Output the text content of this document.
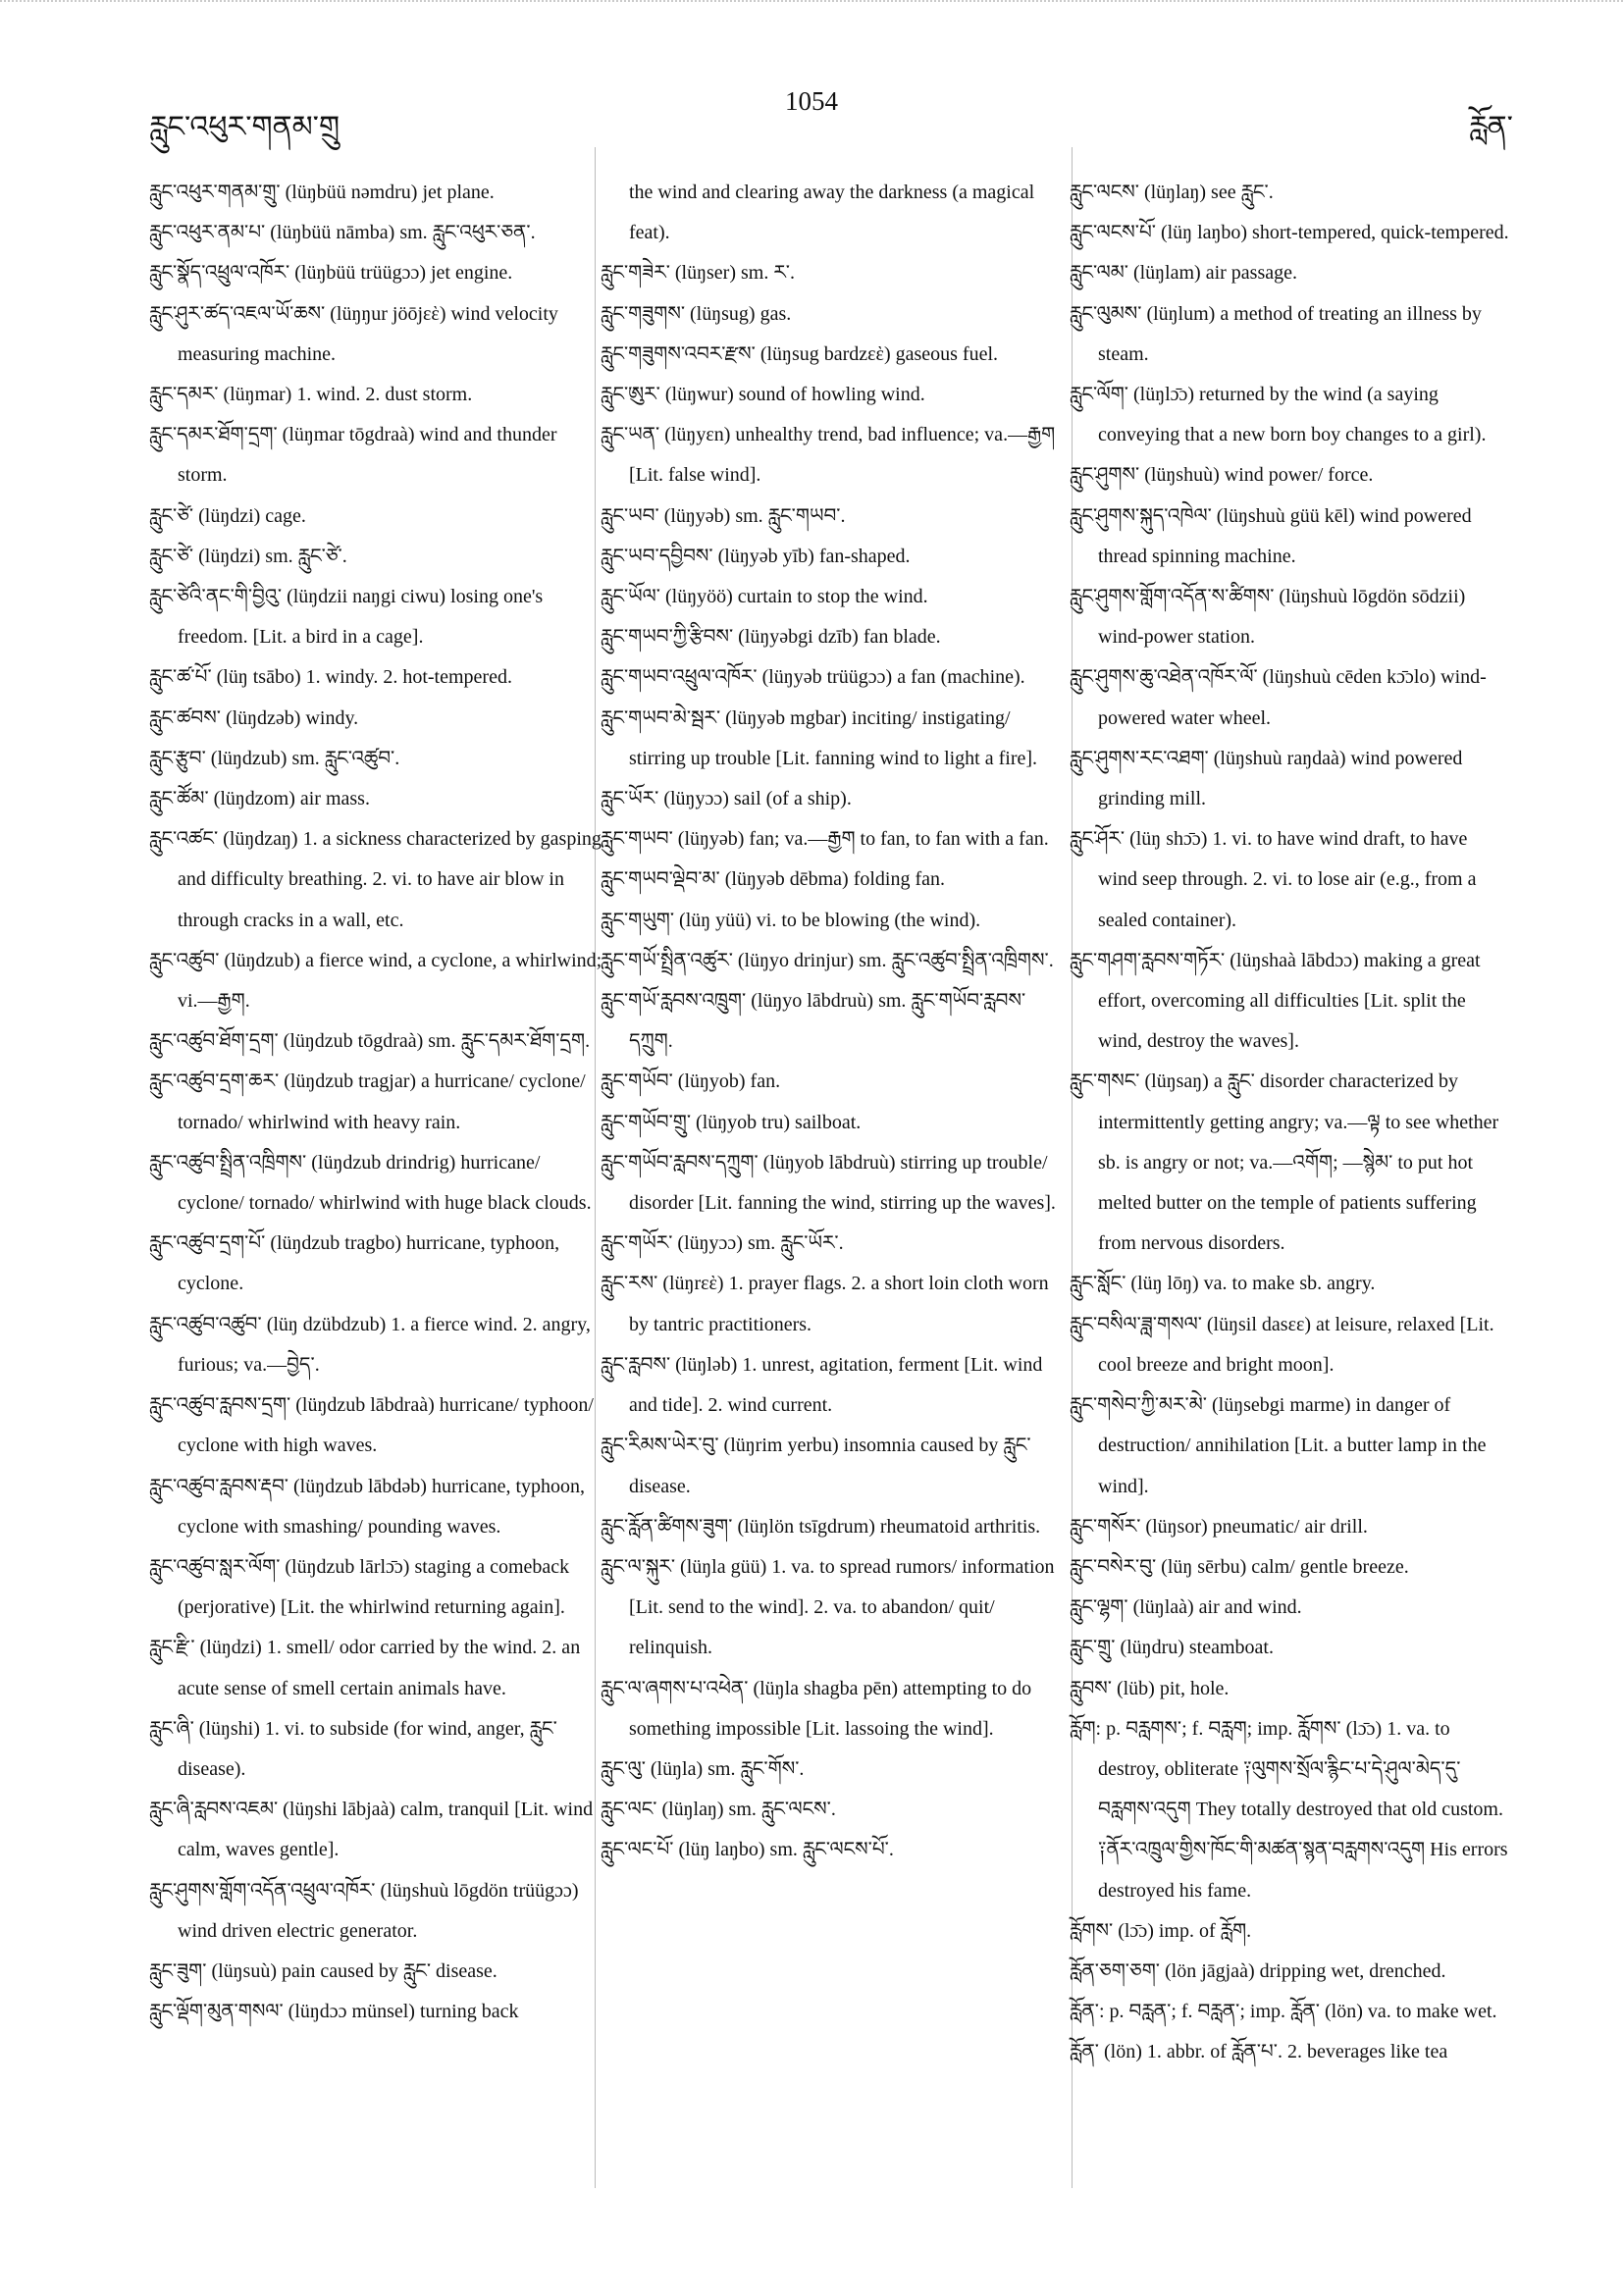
རླུང་འཕུར་གནམ་གྲུ
1054
རློན་

རླུང་འཕུར་གནམ་གྲུ་ (lüŋbüü nəmdru) jet plane.

རླུང་འཕུར་ནམ་པ་ (lüŋbüü nāmba) sm. རླུང་འཕུར་ཅན་.

རླུང་སྣོད་འཕྲུལ་འཁོར་ (lüŋbüü trüügɔɔ) jet engine.

རླུང་ཤུར་ཚད་འཇལ་ཡོ་ཆས་ (lüŋŋur jöōjεὲ) wind velocity measuring machine.

རླུང་དམར་ (lüŋmar) 1. wind. 2. dust storm.

རླུང་དམར་ཐོག་དྲག་ (lüŋmar tōgdraà) wind and thunder storm.

རླུང་ཙེ་ (lüŋdzi) cage.

རླུང་ཙེ་ (lüŋdzi) sm. རླུང་ཙེ་.

རླུང་ཙེའི་ནང་གི་བྱིའུ་ (lüŋdzii naŋgi ciwu) losing one's freedom. [Lit. a bird in a cage].

རླུང་ཚ་པོ་ (lüŋ tsābo) 1. windy. 2. hot-tempered.

རླུང་ཚབས་ (lüŋdzəb) windy.

རླུང་རྩུབ་ (lüŋdzub) sm. རླུང་འཚུབ་.

རླུང་ཚོམ་ (lüŋdzom) air mass.

རླུང་འཚང་ (lüŋdzaŋ) 1. a sickness characterized by gasping and difficulty breathing. 2. vi. to have air blow in through cracks in a wall, etc.

རླུང་འཚུབ་ (lüŋdzub) a fierce wind, a cyclone, a whirlwind; vi.—རྒྱག.

རླུང་འཚུབ་ཐོག་དྲག་ (lüŋdzub tōgdraà) sm. རླུང་དམར་ཐོག་དྲག.

རླུང་འཚུབ་དྲག་ཆར་ (lüŋdzub tragjar) a hurricane/ cyclone/ tornado/ whirlwind with heavy rain.

རླུང་འཚུབ་སྤྲིན་འཁྲིགས་ (lüŋdzub drindrig) hurricane/ cyclone/ tornado/ whirlwind with huge black clouds.

རླུང་འཚུབ་དྲག་པོ་ (lüŋdzub tragbo) hurricane, typhoon, cyclone.

རླུང་འཚུབ་འཚུབ་ (lüŋ dzübdzub) 1. a fierce wind. 2. angry, furious; va.—བྱེད་.

རླུང་འཚུབ་རླབས་དྲག་ (lüŋdzub lābdraà) hurricane/ typhoon/ cyclone with high waves.

རླུང་འཚུབ་རླབས་རྡབ་ (lüŋdzub lābdəb) hurricane, typhoon, cyclone with smashing/ pounding waves.

རླུང་འཚུབ་སླར་ལོག་ (lüŋdzub lārlɔ̄ɔ) staging a comeback (perjorative) [Lit. the whirlwind returning again].

རླུང་རྫི་ (lüŋdzi) 1. smell/ odor carried by the wind. 2. an acute sense of smell certain animals have.

རླུང་ཞི་ (lüŋshi) 1. vi. to subside (for wind, anger, རླུང་ disease).

རླུང་ཞི་རླབས་འཇམ་ (lüŋshi lābjaà) calm, tranquil [Lit. wind calm, waves gentle].

རླུང་ཤུགས་གློག་འདོན་འཕྲུལ་འཁོར་ (lüŋshuù lōgdön trüügɔɔ) wind driven electric generator.

རླུང་ཟུག་ (lüŋsuù) pain caused by རླུང་ disease.

རླུང་ལྡོག་མུན་གསལ་ (lüŋdɔɔ münsel) turning back

the wind and clearing away the darkness (a magical feat).

རླུང་གཟེར་ (lüŋser) sm. ར་.

རླུང་གཟུགས་ (lüŋsug) gas.

རླུང་གཟུགས་འབར་རྫས་ (lüŋsug bardzεὲ) gaseous fuel.

རླུང་ཨུར་ (lüŋwur) sound of howling wind.

རླུང་ཡན་ (lüŋyεn) unhealthy trend, bad influence; va.—རྒྱག [Lit. false wind].

རླུང་ཡབ་ (lüŋyəb) sm. རླུང་གཡབ་.

རླུང་ཡབ་དབྱིབས་ (lüŋyəb yīb) fan-shaped.

རླུང་ཡོལ་ (lüŋyöö) curtain to stop the wind.

རླུང་གཡབ་ཀྱི་རྩིབས་ (lüŋyəbgi dzīb) fan blade.

རླུང་གཡབ་འཕྲུལ་འཁོར་ (lüŋyəb trüügɔɔ) a fan (machine).

རླུང་གཡབ་མེ་སྦར་ (lüŋyəb mgbar) inciting/ instigating/ stirring up trouble [Lit. fanning wind to light a fire].

རླུང་ཡོར་ (lüŋyɔɔ) sail (of a ship).

རླུང་གཡབ་ (lüŋyəb) fan; va.—རྒྱག to fan, to fan with a fan.

རླུང་གཡབ་ལྡེབ་མ་ (lüŋyəb dēbma) folding fan.

རླུང་གཡུག་ (lüŋ yüü) vi. to be blowing (the wind).

རླུང་གཡོ་སྤྲིན་འཚུར་ (lüŋyo drinjur) sm. རླུང་འཚུབ་སྤྲིན་འཁྲིགས་.

རླུང་གཡོ་རླབས་འཁྲུག་ (lüŋyo lābdruù) sm. རླུང་གཡོབ་རླབས་དཀྲུག.

རླུང་གཡོབ་ (lüŋyob) fan.

རླུང་གཡོབ་གྲུ་ (lüŋyob tru) sailboat.

རླུང་གཡོབ་རླབས་དཀྲུག་ (lüŋyob lābdruù) stirring up trouble/ disorder [Lit. fanning the wind, stirring up the waves].

རླུང་གཡོར་ (lüŋyɔɔ) sm. རླུང་ཡོར་.

རླུང་རས་ (lüŋrεὲ) 1. prayer flags. 2. a short loin cloth worn by tantric practitioners.

རླུང་རླབས་ (lüŋləb) 1. unrest, agitation, ferment [Lit. wind and tide]. 2. wind current.

རླུང་རིམས་ཡེར་བུ་ (lüŋrim yerbu) insomnia caused by རླུང་ disease.

རླུང་རློན་ཚིགས་ཟུག་ (lüŋlön tsīgdrum) rheumatoid arthritis.

རླུང་ལ་སྐུར་ (lüŋla güü) 1. va. to spread rumors/ information [Lit. send to the wind]. 2. va. to abandon/ quit/ relinquish.

རླུང་ལ་ཞགས་པ་འཕེན་ (lüŋla shagba pēn) attempting to do something impossible [Lit. lassoing the wind].

རླུང་ལུ་ (lüŋla) sm. རླུང་གོས་.

རླུང་ལང་ (lüŋlaŋ) sm. རླུང་ལངས་.

རླུང་ལང་པོ་ (lüŋ laŋbo) sm. རླུང་ལངས་པོ་.

རླུང་ལངས་ (lüŋlaŋ) see རླུང་.

རླུང་ལངས་པོ་ (lüŋ laŋbo) short-tempered, quick-tempered.

རླུང་ལམ་ (lüŋlam) air passage.

རླུང་ལུམས་ (lüŋlum) a method of treating an illness by steam.

རླུང་ལོག་ (lüŋlɔ̄ɔ) returned by the wind (a saying conveying that a new born boy changes to a girl).

རླུང་ཤུགས་ (lüŋshuù) wind power/ force.

རླུང་ཤུགས་སྐུད་འཁེལ་ (lüŋshuù güü kēl) wind powered thread spinning machine.

རླུང་ཤུགས་གློག་འདོན་ས་ཚིགས་ (lüŋshuù lōgdön sōdzii) wind-power station.

རླུང་ཤུགས་ཆུ་འཐེན་འཁོར་ལོ་ (lüŋshuù cēden kɔ̄ɔlo) wind-powered water wheel.

རླུང་ཤུགས་རང་འཐག་ (lüŋshuù raŋdaà) wind powered grinding mill.

རླུང་ཤོར་ (lüŋ shɔ̄ɔ) 1. vi. to have wind draft, to have wind seep through. 2. vi. to lose air (e.g., from a sealed container).

རླུང་གཤག་རླབས་གཏོར་ (lüŋshaà lābdɔɔ) making a great effort, overcoming all difficulties [Lit. split the wind, destroy the waves].

རླུང་གསང་ (lüŋsaŋ) a རླུང་ disorder characterized by intermittently getting angry; va.—ལྟ to see whether sb. is angry or not; va.—འགོག; —སྙེམ་ to put hot melted butter on the temple of patients suffering from nervous disorders.

རླུང་སློང་ (lüŋ lōŋ) va. to make sb. angry.

རླུང་བསིལ་ཟླ་གསལ་ (lüŋsil dasεε) at leisure, relaxed [Lit. cool breeze and bright moon].

རླུང་གསེབ་ཀྱི་མར་མེ་ (lüŋsebgi marme) in danger of destruction/ annihilation [Lit. a butter lamp in the wind].

རླུང་གསོར་ (lüŋsor) pneumatic/ air drill.

རླུང་བསེར་བུ་ (lüŋ sērbu) calm/ gentle breeze.

རླུང་ལྷག་ (lüŋlaà) air and wind.

རླུང་གྲུ་ (lüŋdru) steamboat.

རླུབས་ (lüb) pit, hole.

རློག: p. བརླགས་; f. བརླག; imp. རློགས་ (lɔ̄ɔ) 1. va. to destroy, obliterate ༑ལུགས་སྲོལ་རྙིང་པ་དེ་ཤུལ་མེད་དུ་བརླགས་འདུག They totally destroyed that old custom. ༑ནོར་འཁྲུལ་གྱིས་ཁོང་གི་མཚན་སྙན་བརླགས་འདུག His errors destroyed his fame.

རློགས་ (lɔ̄ɔ) imp. of རློག.

རློན་ཅག་ཅག་ (lön jāgjaà) dripping wet, drenched.

རློན་: p. བརླན་; f. བརླན་; imp. རློན་ (lön) va. to make wet.

རློན་ (lön) 1. abbr. of རློན་པ་. 2. beverages like tea
